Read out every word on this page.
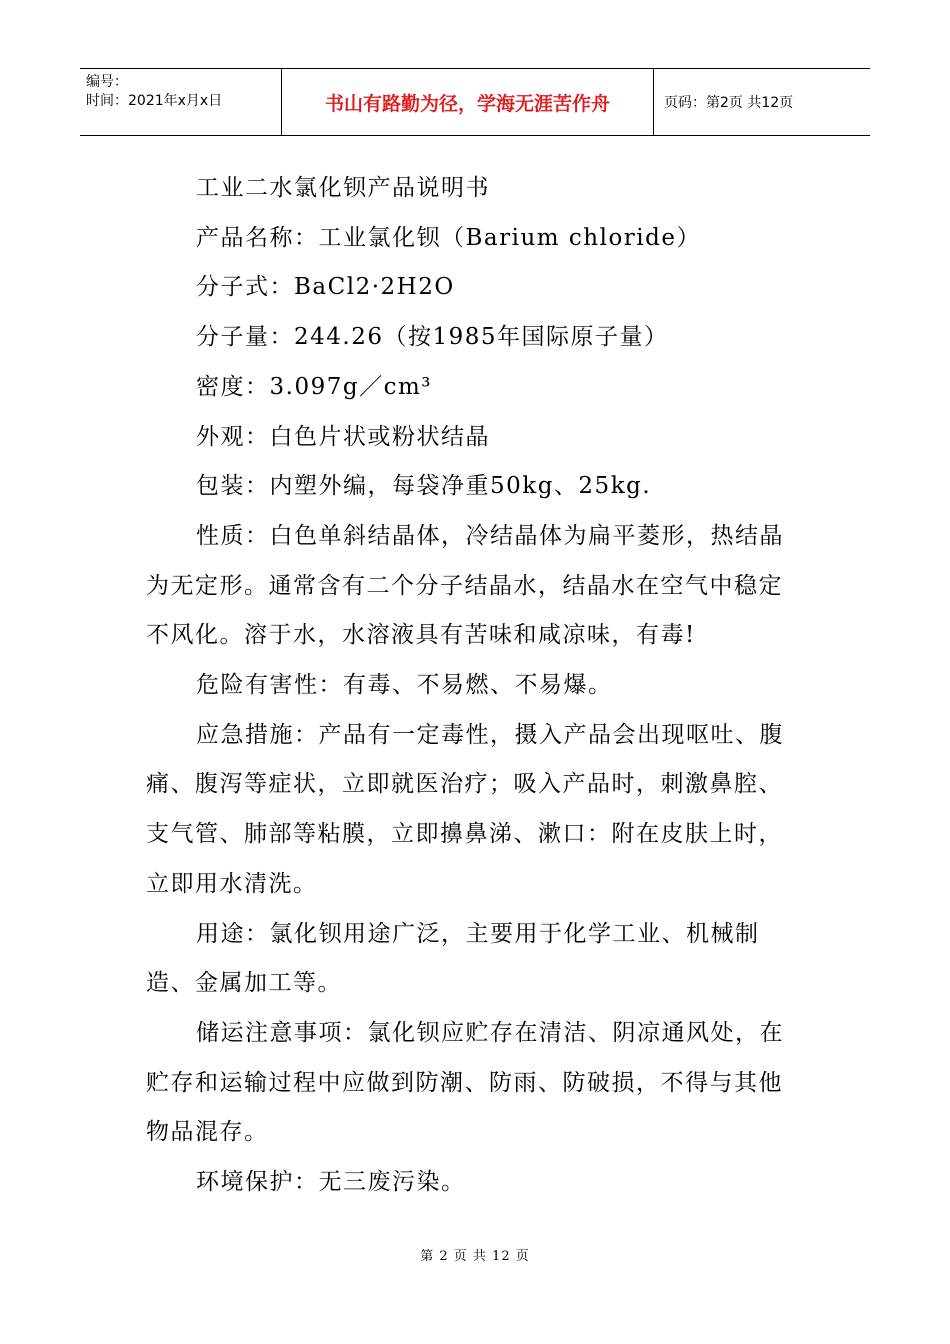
编号：
时间：2021年x月x日	书山有路勤为径，学海无涯苦作舟	页码：第2页 共12页

工业二水氯化钡产品说明书

产品名称：工业氯化钡（Barium chloride）

分子式：BaCl2·2H2O

分子量：244.26（按1985年国际原子量）

密度：3.097g／cm³

外观：白色片状或粉状结晶

包装：内塑外编，每袋净重50kg、25kg.

性质：白色单斜结晶体，冷结晶体为扁平菱形，热结晶为无定形。通常含有二个分子结晶水，结晶水在空气中稳定不风化。溶于水，水溶液具有苦味和咸凉味，有毒!

危险有害性：有毒、不易燃、不易爆。

应急措施：产品有一定毒性，摄入产品会出现呕吐、腹痛、腹泻等症状，立即就医治疗；吸入产品时，刺激鼻腔、支气管、肺部等粘膜，立即擤鼻涕、漱口：附在皮肤上时，立即用水清洗。

用途：氯化钡用途广泛，主要用于化学工业、机械制造、金属加工等。

储运注意事项：氯化钡应贮存在清洁、阴凉通风处，在贮存和运输过程中应做到防潮、防雨、防破损，不得与其他物品混存。

环境保护：无三废污染。

第 2 页 共 12 页
